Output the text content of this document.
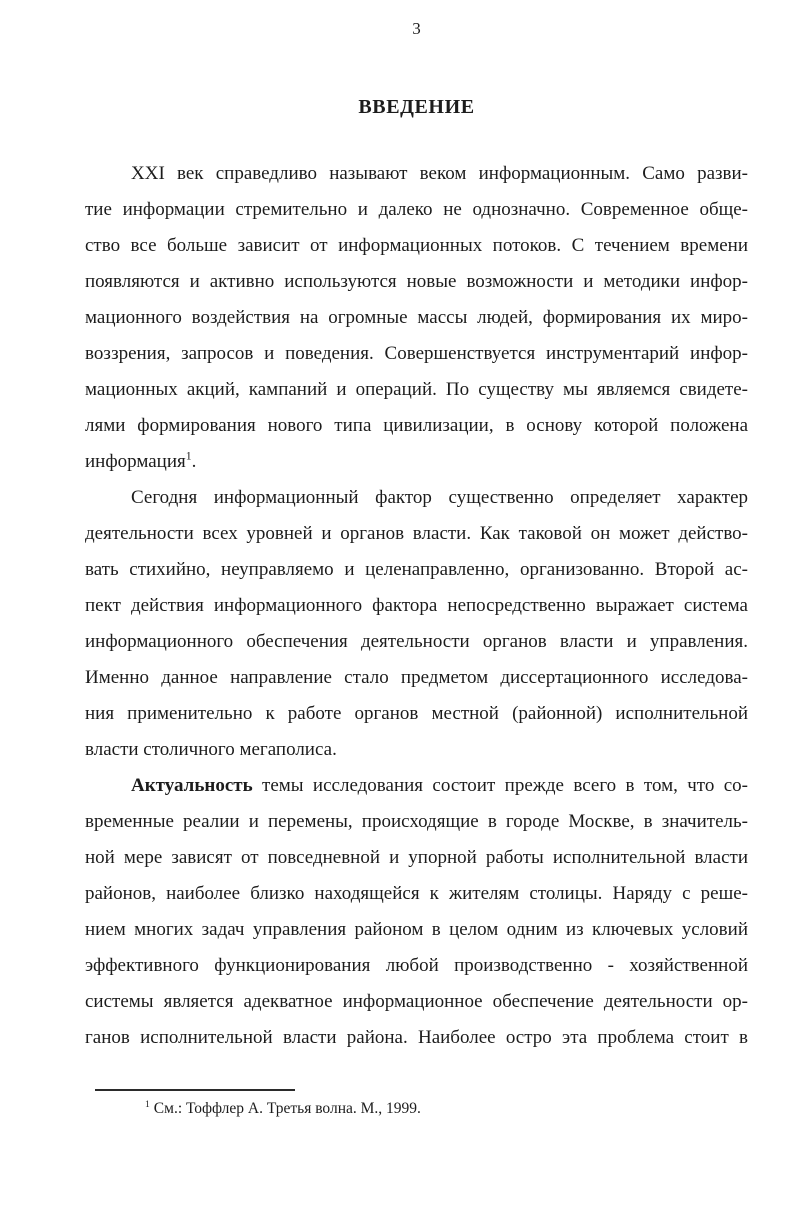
3
ВВЕДЕНИЕ
XXI век справедливо называют веком информационным. Само разви-
тие информации стремительно и далеко не однозначно. Современное обще-
ство все больше зависит от информационных потоков. С течением времени
появляются и активно используются новые возможности и методики инфор-
мационного воздействия на огромные массы людей, формирования их миро-
воззрения, запросов и поведения. Совершенствуется инструментарий инфор-
мационных акций, кампаний и операций. По существу мы являемся свидете-
лями формирования нового типа цивилизации, в основу которой положена
информация$^1$.
Сегодня информационный фактор существенно определяет характер
деятельности всех уровней и органов власти. Как таковой он может действо-
вать стихийно, неуправляемо и целенаправленно, организованно. Второй ас-
пект действия информационного фактора непосредственно выражает система
информационного обеспечения деятельности органов власти и управления.
Именно данное направление стало предметом диссертационного исследова-
ния применительно к работе органов местной (районной) исполнительной
власти столичного мегаполиса.
Актуальность темы исследования состоит прежде всего в том, что со-
временные реалии и перемены, происходящие в городе Москве, в значитель-
ной мере зависят от повседневной и упорной работы исполнительной власти
районов, наиболее близко находящейся к жителям столицы. Наряду с реше-
нием многих задач управления районом в целом одним из ключевых условий
эффективного функционирования любой производственно - хозяйственной
системы является адекватное информационное обеспечение деятельности ор-
ганов исполнительной власти района. Наиболее остро эта проблема стоит в
$^1$ См.: Тоффлер А. Третья волна. М., 1999.
